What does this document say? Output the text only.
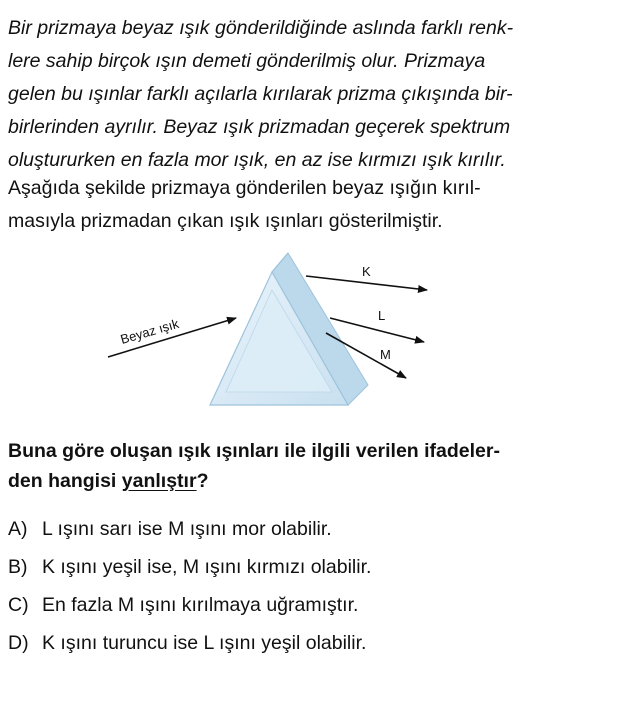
Bir prizmaya beyaz ışık gönderildiğinde aslında farklı renk-
lere sahip birçok ışın demeti gönderilmiş olur. Prizmaya
gelen bu ışınlar farklı açılarla kırılarak prizma çıkışında bir-
birlerinden ayrılır. Beyaz ışık prizmadan geçerek spektrum
oluştururken en fazla mor ışık, en az ise kırmızı ışık kırılır.
Aşağıda şekilde prizmaya gönderilen beyaz ışığın kırıl-
masıyla prizmadan çıkan ışık ışınları gösterilmiştir.
Beyaz ışık
K
L
M
Buna göre oluşan ışık ışınları ile ilgili verilen ifadeler-
den hangisi yanlıştır?
A) L ışını sarı ise M ışını mor olabilir.
B) K ışını yeşil ise, M ışını kırmızı olabilir.
C) En fazla M ışını kırılmaya uğramıştır.
D) K ışını turuncu ise L ışını yeşil olabilir.
